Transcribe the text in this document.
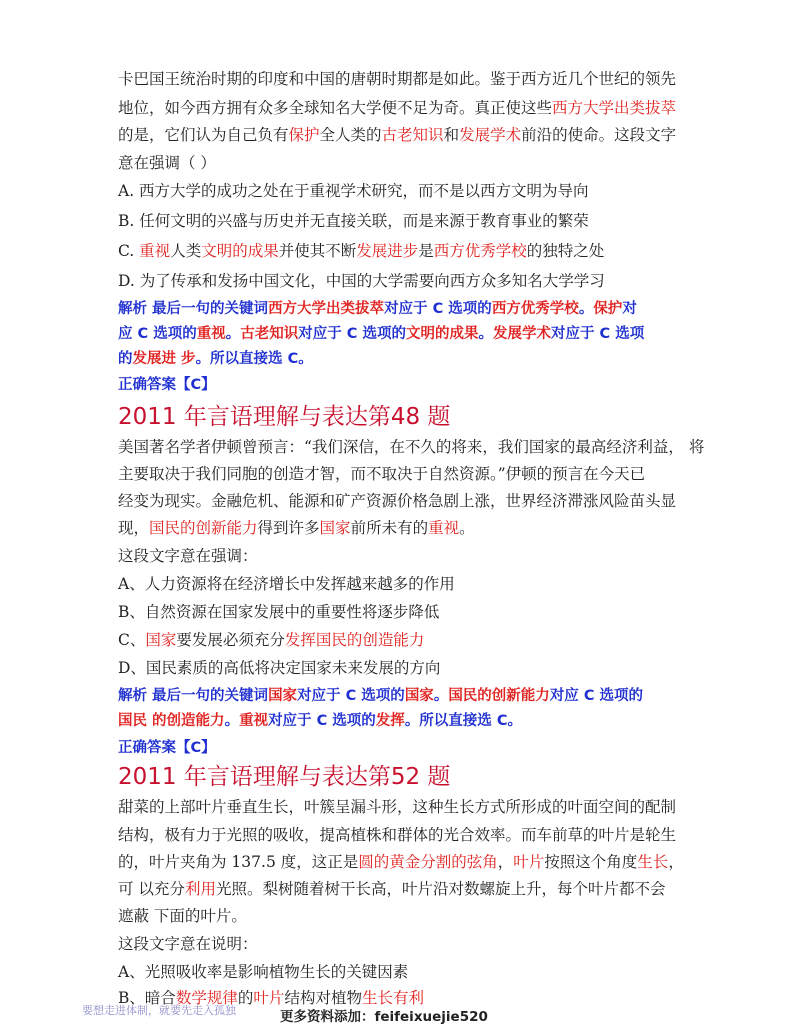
卡巴国王统治时期的印度和中国的唐朝时期都是如此。鉴于西方近几个世纪的领先
地位，如今西方拥有众多全球知名大学便不足为奇。真正使这些西方大学出类拔萃
的是，它们认为自己负有保护全人类的古老知识和发展学术前沿的使命。这段文字
意在强调（ ）
A. 西方大学的成功之处在于重视学术研究，而不是以西方文明为导向
B. 任何文明的兴盛与历史并无直接关联，而是来源于教育事业的繁荣
C. 重视人类文明的成果并使其不断发展进步是西方优秀学校的独特之处
D. 为了传承和发扬中国文化，中国的大学需要向西方众多知名大学学习
解析 最后一句的关键词西方大学出类拔萃对应于 C 选项的西方优秀学校。保护对
应 C 选项的重视。古老知识对应于 C 选项的文明的成果。发展学术对应于 C 选项
的发展进 步。所以直接选 C。
正确答案【C】
2011 年言语理解与表达第48 题
美国著名学者伊顿曾预言：“我们深信，在不久的将来，我们国家的最高经济利益， 将
主要取决于我们同胞的创造才智，而不取决于自然资源。”伊顿的预言在今天已
经变为现实。金融危机、能源和矿产资源价格急剧上涨，世界经济滞涨风险苗头显
现，国民的创新能力得到许多国家前所未有的重视。
这段文字意在强调：
A、人力资源将在经济增长中发挥越来越多的作用
B、自然资源在国家发展中的重要性将逐步降低
C、国家要发展必须充分发挥国民的创造能力
D、国民素质的高低将决定国家未来发展的方向
解析 最后一句的关键词国家对应于 C 选项的国家。国民的创新能力对应 C 选项的
国民 的创造能力。重视对应于 C 选项的发挥。所以直接选 C。
正确答案【C】
2011 年言语理解与表达第52 题
甜菜的上部叶片垂直生长，叶簇呈漏斗形，这种生长方式所形成的叶面空间的配制
结构，极有力于光照的吸收，提高植株和群体的光合效率。而车前草的叶片是轮生
的，叶片夹角为 137.5 度，这正是圆的黄金分割的弦角，叶片按照这个角度生长，
可 以充分利用光照。梨树随着树干长高，叶片沿对数螺旋上升，每个叶片都不会
遮蔽 下面的叶片。
这段文字意在说明：
A、光照吸收率是影响植物生长的关键因素
B、暗合数学规律的叶片结构对植物生长有利
要想走进体制，就要先走入孤独	更多资料添加：feifeixuejie520
